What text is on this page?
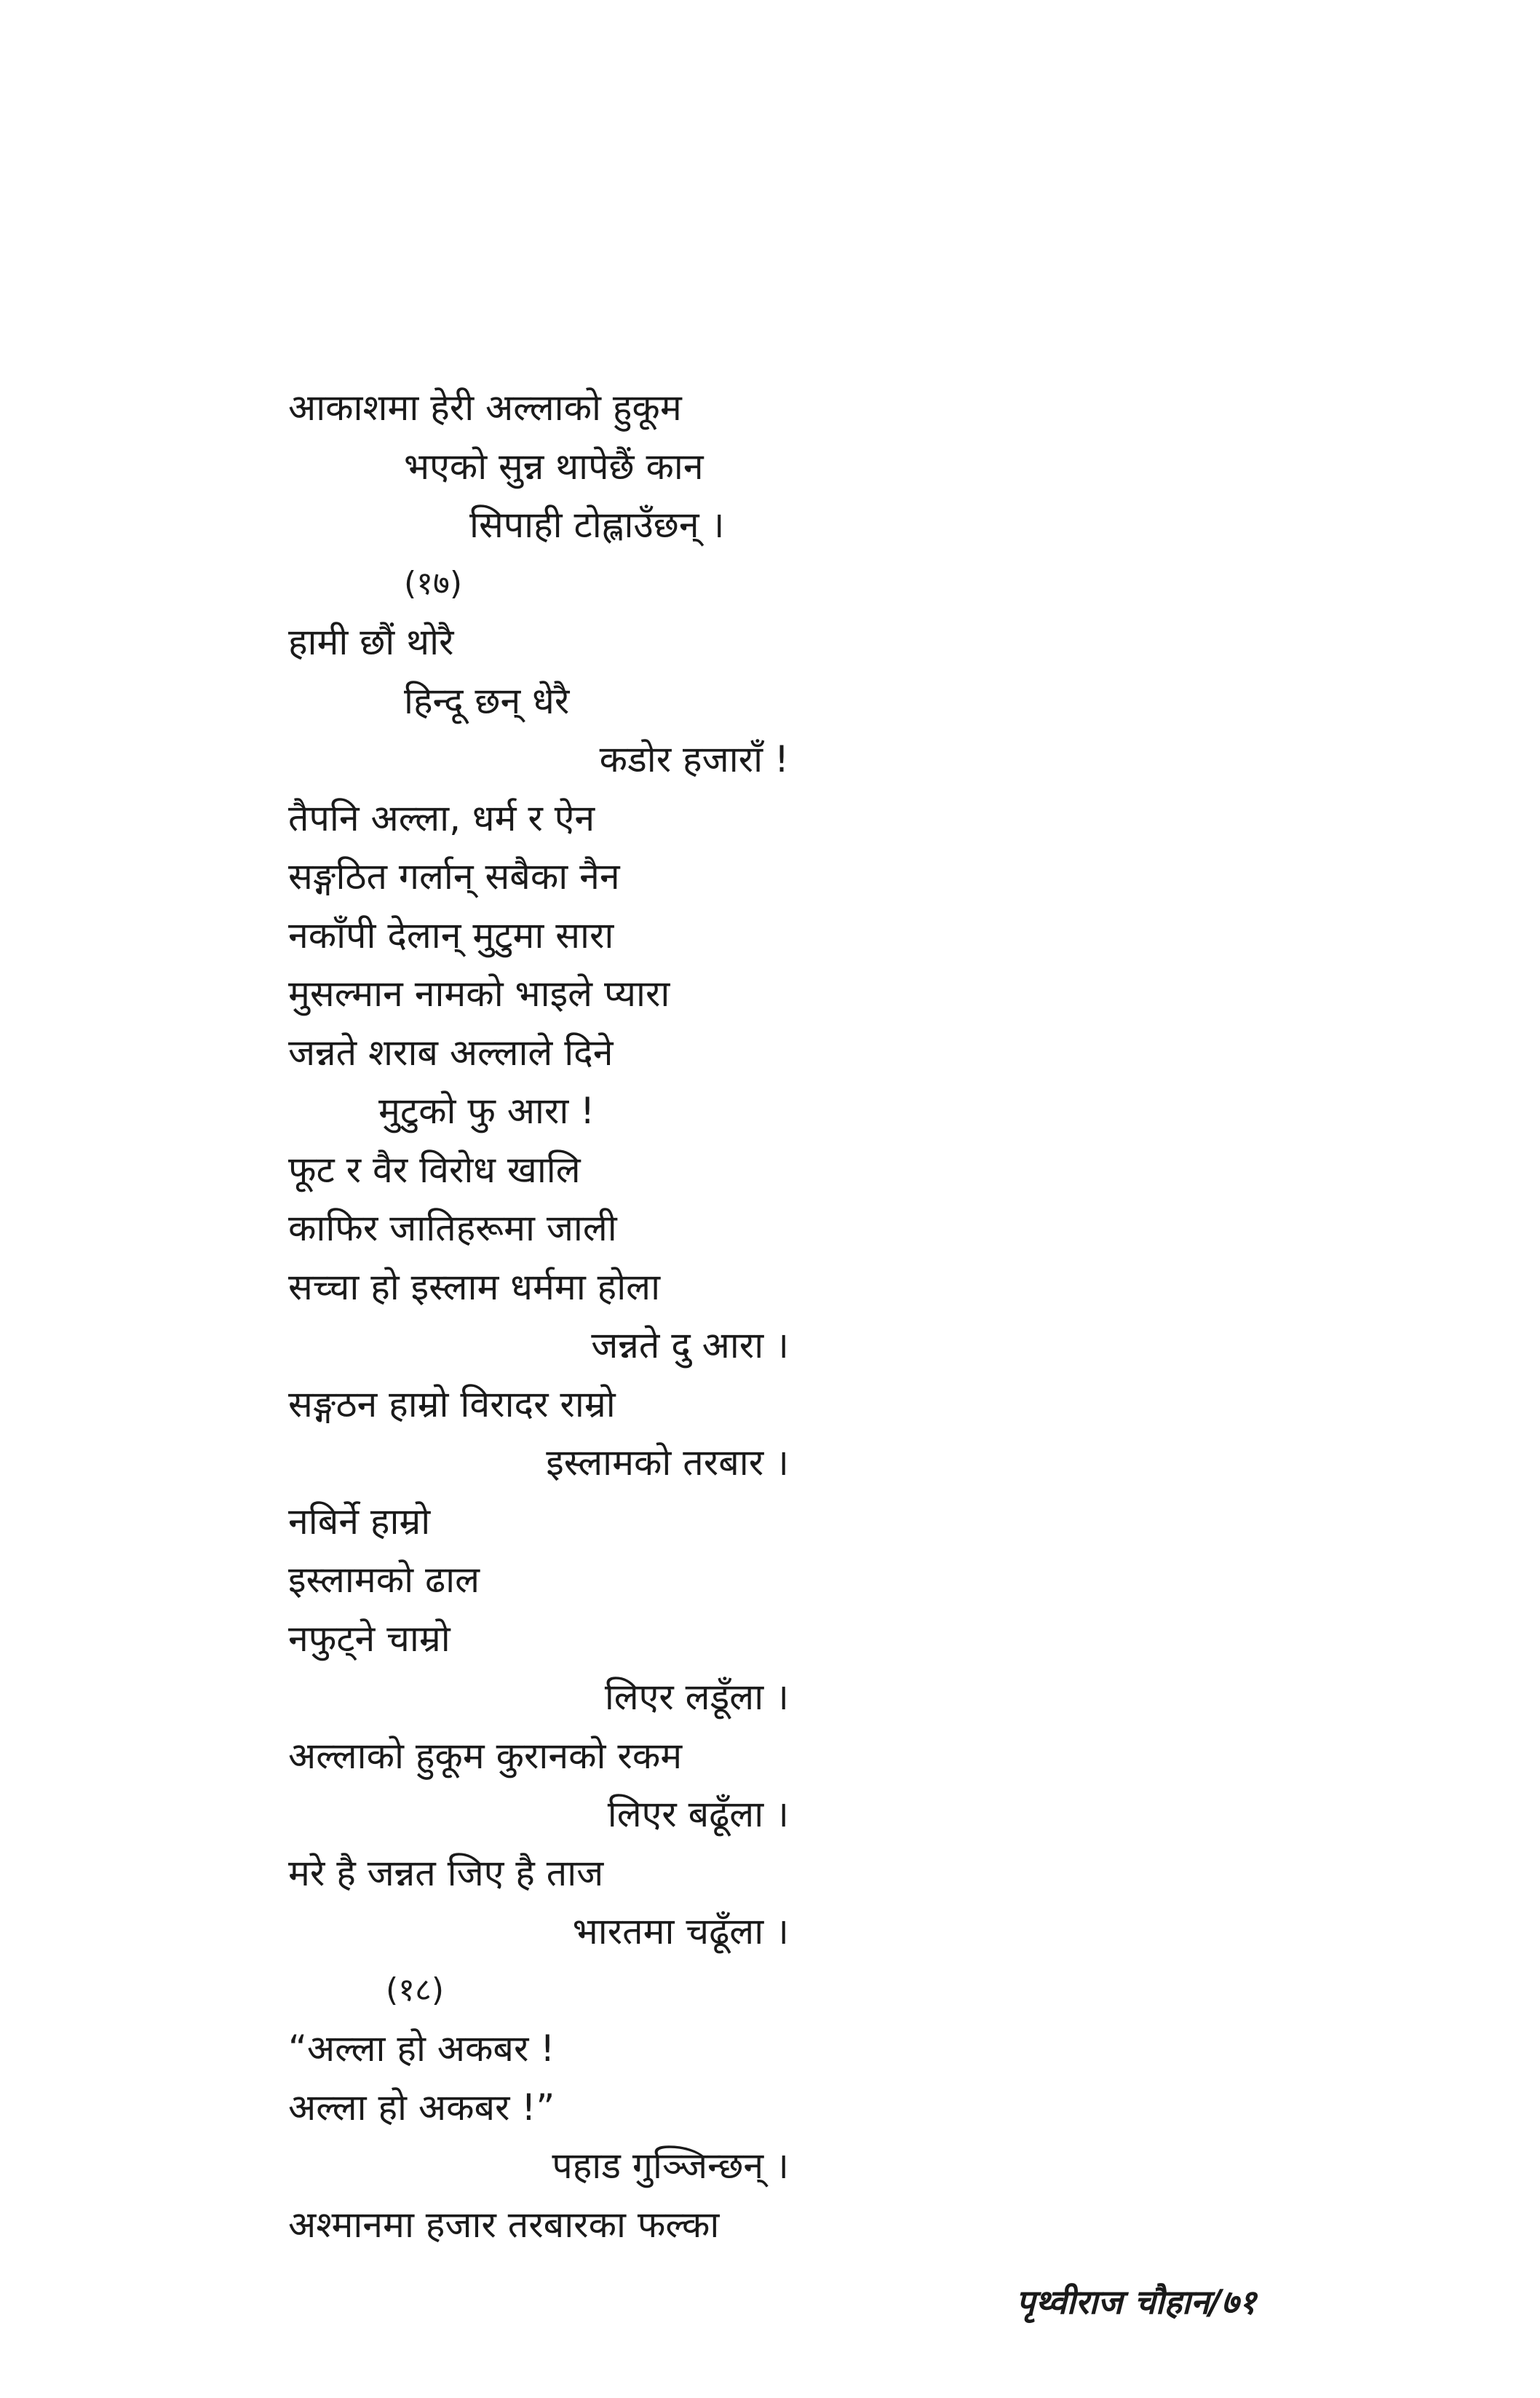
आकाशमा हेरी अल्लाको हुकूम
भएको सुन्न थापेछैं कान
सिपाही टोह्लाउँछन् ।
(१७)
हामी छौं थोरै
हिन्दू छन् धेरै
कडोर हजाराँ !
तैपनि अल्ला, धर्म र ऐन
सङ्गठित गर्लान् सबैका नैन
नकाँपी देलान् मुटुमा सारा
मुसल्मान नामको भाइले प्यारा
जन्नते शराब अल्लाले दिने
मुटुको फु आरा !
फूट र वैर विरोध खालि
काफिर जातिहरूमा जाली
सच्चा हो इस्लाम धर्ममा होला
जन्नते दु आरा ।
सङ्गठन हाम्रो विरादर राम्रो
इस्लामको तरबार ।
नबिर्ने हाम्रो
इस्लामको ढाल
नफुट्ने चाम्रो
लिएर लडूँला ।
अल्लाको हुकूम कुरानको रकम
लिएर बढूँला ।
मरे है जन्नत जिए है ताज
भारतमा चढूँला ।
(१८)
“अल्ला हो अकबर !
अल्ला हो अकबर !”
पहाड गुञ्जिन्छन् ।
अश्मानमा हजार तरबारका फल्का
पृथ्वीराज चौहान/७१
